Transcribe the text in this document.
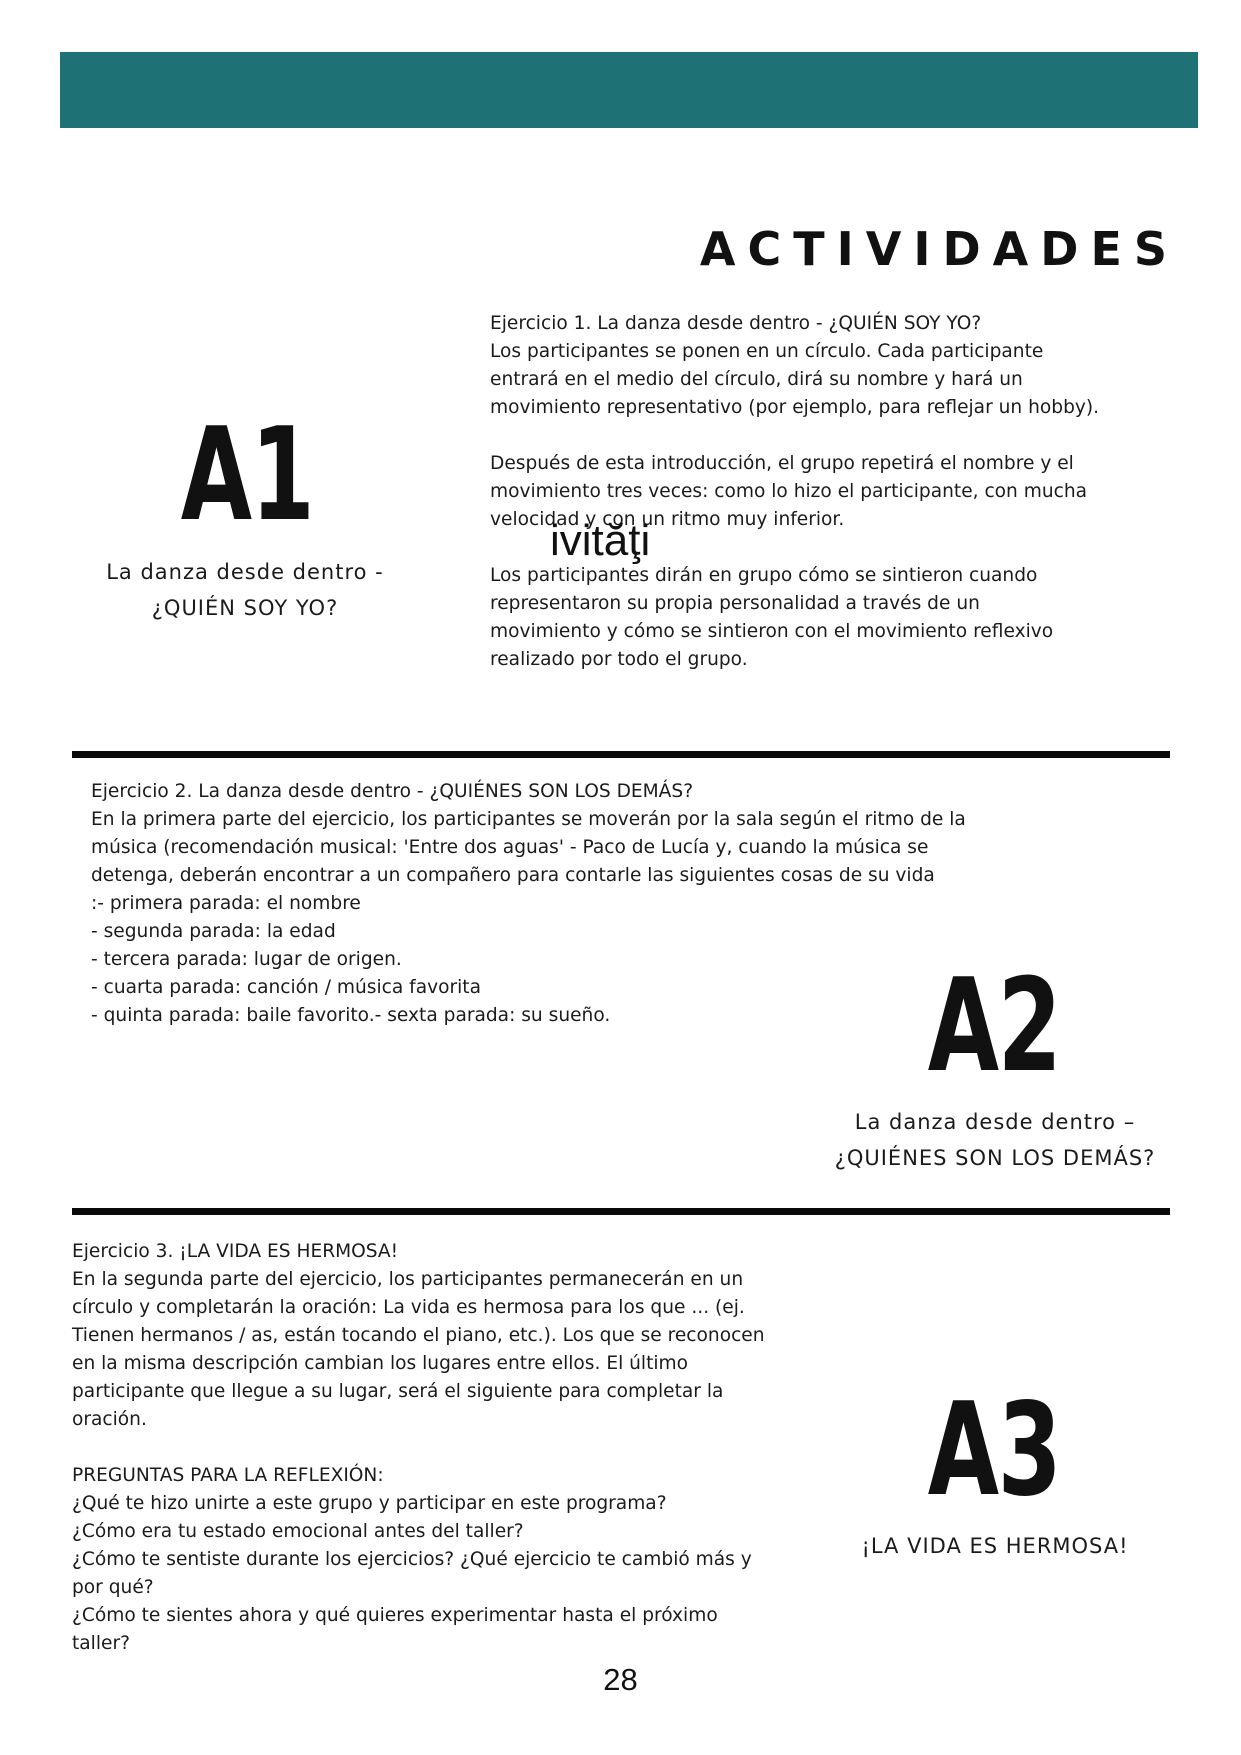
ACTIVIDADES
A1
La danza desde dentro -
¿QUIÉN SOY YO?

Ejercicio 1. La danza desde dentro - ¿QUIÉN SOY YO?

Los participantes se ponen en un círculo. Cada participante

entrará en el medio del círculo, dirá su nombre y hará un

movimiento representativo (por ejemplo, para reflejar un hobby).

Después de esta introducción, el grupo repetirá el nombre y el

movimiento tres veces: como lo hizo el participante, con mucha

velocidad y con un ritmo muy inferior.

Los participantes dirán en grupo cómo se sintieron cuando

representaron su propia personalidad a través de un

movimiento y cómo se sintieron con el movimiento reflexivo

realizado por todo el grupo.

ivităţi

Ejercicio 2. La danza desde dentro - ¿QUIÉNES SON LOS DEMÁS?

En la primera parte del ejercicio, los participantes se moverán por la sala según el ritmo de la

música (recomendación musical: 'Entre dos aguas' - Paco de Lucía y, cuando la música se

detenga, deberán encontrar a un compañero para contarle las siguientes cosas de su vida

:- primera parada: el nombre

- segunda parada: la edad

- tercera parada: lugar de origen.

- cuarta parada: canción / música favorita

- quinta parada: baile favorito.- sexta parada: su sueño.	A2
La danza desde dentro –
¿QUIÉNES SON LOS DEMÁS?

Ejercicio 3. ¡LA VIDA ES HERMOSA!

En la segunda parte del ejercicio, los participantes permanecerán en un

círculo y completarán la oración: La vida es hermosa para los que ... (ej.

Tienen hermanos / as, están tocando el piano, etc.). Los que se reconocen

en la misma descripción cambian los lugares entre ellos. El último

participante que llegue a su lugar, será el siguiente para completar la

oración.

PREGUNTAS PARA LA REFLEXIÓN:

¿Qué te hizo unirte a este grupo y participar en este programa?

¿Cómo era tu estado emocional antes del taller?

¿Cómo te sentiste durante los ejercicios? ¿Qué ejercicio te cambió más y

por qué?

¿Cómo te sientes ahora y qué quieres experimentar hasta el próximo

taller?

A3
¡LA VIDA ES HERMOSA!
28
